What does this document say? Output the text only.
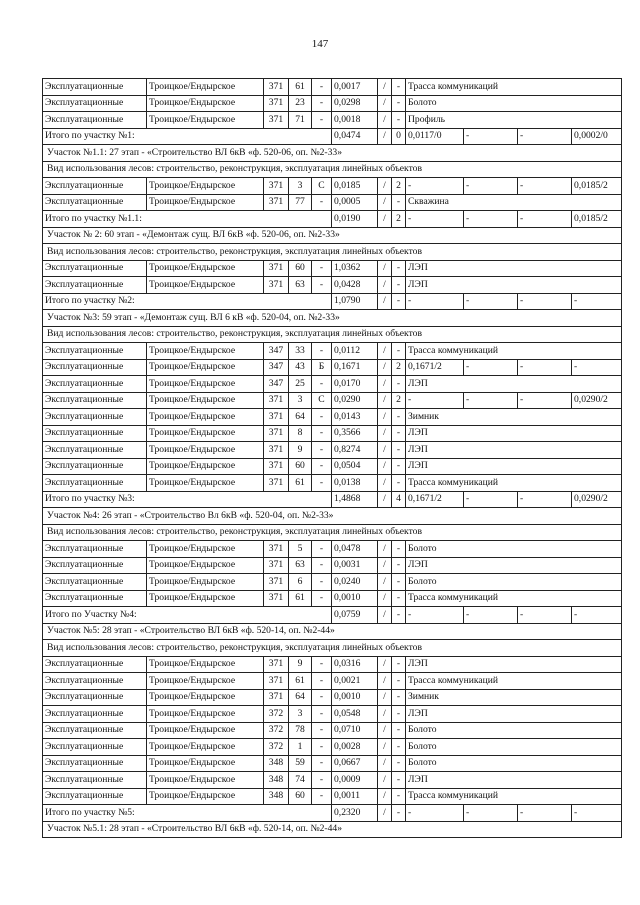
147
Эксплуатационные	Троицкое/Ендырское	371	61	-	0,0017	/	-	Трасса коммуникаций			
Эксплуатационные	Троицкое/Ендырское	371	23	-	0,0298	/	-	Болото			
Эксплуатационные	Троицкое/Ендырское	371	71	-	0,0018	/	-	Профиль			
Итого по участку №1:					0,0474	/	0	0,0117/0	-	-	0,0002/0
Участок №1.1: 27 этап - «Строительство ВЛ 6кВ «ф. 520-06, оп. №2-33»											
Вид использования лесов: строительство, реконструкция, эксплуатация линейных объектов											
Эксплуатационные	Троицкое/Ендырское	371	3	С	0,0185	/	2	-	-	-	0,0185/2
Эксплуатационные	Троицкое/Ендырское	371	77	-	0,0005	/	-	Скважина			
Итого по участку №1.1:					0,0190	/	2	-	-	-	0,0185/2
Участок № 2: 60 этап - «Демонтаж сущ. ВЛ 6кВ «ф. 520-06, оп. №2-33»											
Вид использования лесов: строительство, реконструкция, эксплуатация линейных объектов											
Эксплуатационные	Троицкое/Ендырское	371	60	-	1,0362	/	-	ЛЭП			
Эксплуатационные	Троицкое/Ендырское	371	63	-	0,0428	/	-	ЛЭП			
Итого по участку №2:					1,0790	/	-	-	-	-	-
Участок №3: 59 этап - «Демонтаж сущ. ВЛ 6 кВ «ф. 520-04, оп. №2-33»											
Вид использования лесов: строительство, реконструкция, эксплуатация линейных объектов											
Эксплуатационные	Троицкое/Ендырское	347	33	-	0,0112	/	-	Трасса коммуникаций			
Эксплуатационные	Троицкое/Ендырское	347	43	Б	0,1671	/	2	0,1671/2	-	-	-
Эксплуатационные	Троицкое/Ендырское	347	25	-	0,0170	/	-	ЛЭП			
Эксплуатационные	Троицкое/Ендырское	371	3	С	0,0290	/	2	-	-	-	0,0290/2
Эксплуатационные	Троицкое/Ендырское	371	64	-	0,0143	/	-	Зимник			
Эксплуатационные	Троицкое/Ендырское	371	8	-	0,3566	/	-	ЛЭП			
Эксплуатационные	Троицкое/Ендырское	371	9	-	0,8274	/	-	ЛЭП			
Эксплуатационные	Троицкое/Ендырское	371	60	-	0,0504	/	-	ЛЭП			
Эксплуатационные	Троицкое/Ендырское	371	61	-	0,0138	/	-	Трасса коммуникаций			
Итого по участку №3:					1,4868	/	4	0,1671/2	-	-	0,0290/2
Участок №4: 26 этап - «Строительство Вл 6кВ «ф. 520-04, оп. №2-33»											
Вид использования лесов: строительство, реконструкция, эксплуатация линейных объектов											
Эксплуатационные	Троицкое/Ендырское	371	5	-	0,0478	/	-	Болото			
Эксплуатационные	Троицкое/Ендырское	371	63	-	0,0031	/	-	ЛЭП			
Эксплуатационные	Троицкое/Ендырское	371	6	-	0,0240	/	-	Болото			
Эксплуатационные	Троицкое/Ендырское	371	61	-	0,0010	/	-	Трасса коммуникаций			
Итого по Участку №4:					0,0759	/	-	-	-	-	-
Участок №5: 28 этап - «Строительство ВЛ 6кВ «ф. 520-14, оп. №2-44»											
Вид использования лесов: строительство, реконструкция, эксплуатация линейных объектов											
Эксплуатационные	Троицкое/Ендырское	371	9	-	0,0316	/	-	ЛЭП			
Эксплуатационные	Троицкое/Ендырское	371	61	-	0,0021	/	-	Трасса коммуникаций			
Эксплуатационные	Троицкое/Ендырское	371	64	-	0,0010	/	-	Зимник			
Эксплуатационные	Троицкое/Ендырское	372	3	-	0,0548	/	-	ЛЭП			
Эксплуатационные	Троицкое/Ендырское	372	78	-	0,0710	/	-	Болото			
Эксплуатационные	Троицкое/Ендырское	372	1	-	0,0028	/	-	Болото			
Эксплуатационные	Троицкое/Ендырское	348	59	-	0,0667	/	-	Болото			
Эксплуатационные	Троицкое/Ендырское	348	74	-	0,0009	/	-	ЛЭП			
Эксплуатационные	Троицкое/Ендырское	348	60	-	0,0011	/	-	Трасса коммуникаций			
Итого по участку №5:					0,2320	/	-	-	-	-	-
Участок №5.1: 28 этап - «Строительство ВЛ 6кВ «ф. 520-14, оп. №2-44»											
